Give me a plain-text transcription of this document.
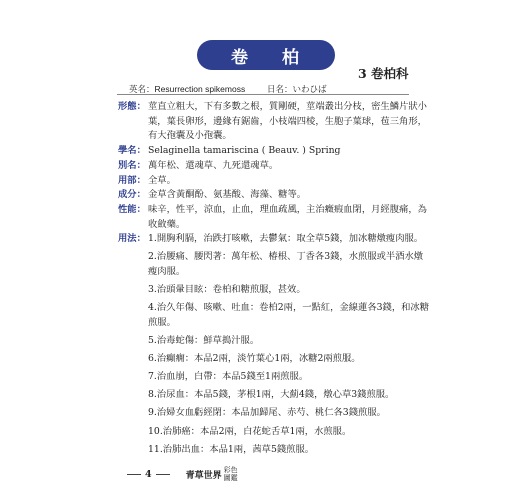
卷 柏
3 卷柏科
英名：Resurrection spikemoss	日名：いわひば
形態： 莖直立粗大，下有多數之根，質剛硬，莖端叢出分枝，密生鱗片狀小葉，葉長卵形，邊緣有鋸齒，小枝端四棱，生胞子葉球，苞三角形，有大孢囊及小孢囊。
學名： Selaginella tamariscina ( Beauv. ) Spring
別名： 萬年松、還魂草、九死還魂草。
用部： 全草。
成分： 金草含黃酮酚、氨基酸、海藻、糖等。
性能： 味辛，性平，涼血，止血，理血疏風，主治癥瘕血閉，月經腹痛，為收斂藥。
用法： 1.開胸利膈，治跌打咳嗽，去鬱氣：取全草5錢，加冰糖燉瘦肉服。
2.治腰痛、腰閃著：萬年松、椿根、丁香各3錢，水煎服或半酒水燉瘦肉服。
3.治頭暈目眩：卷柏和糖煎服，甚效。
4.治久年傷、咳嗽、吐血：卷柏2兩，一點紅，金線蓮各3錢，和冰糖煎服。
5.治毒蛇傷：鮮草搗汁服。
6.治癲癇：本品2兩，淡竹葉心1兩，冰糖2兩煎服。
7.治血崩，白帶：本品5錢至1兩煎服。
8.治尿血：本品5錢，茅根1兩，大薊4錢，燉心草3錢煎服。
9.治婦女血虧經閉：本品加歸尾、赤芍、桃仁各3錢煎服。
10.治肺癌：本品2兩，白花蛇舌草1兩，水煎服。
11.治肺出血：本品1兩，茜草5錢煎服。
4	青草世界
彩色
圖鑑
